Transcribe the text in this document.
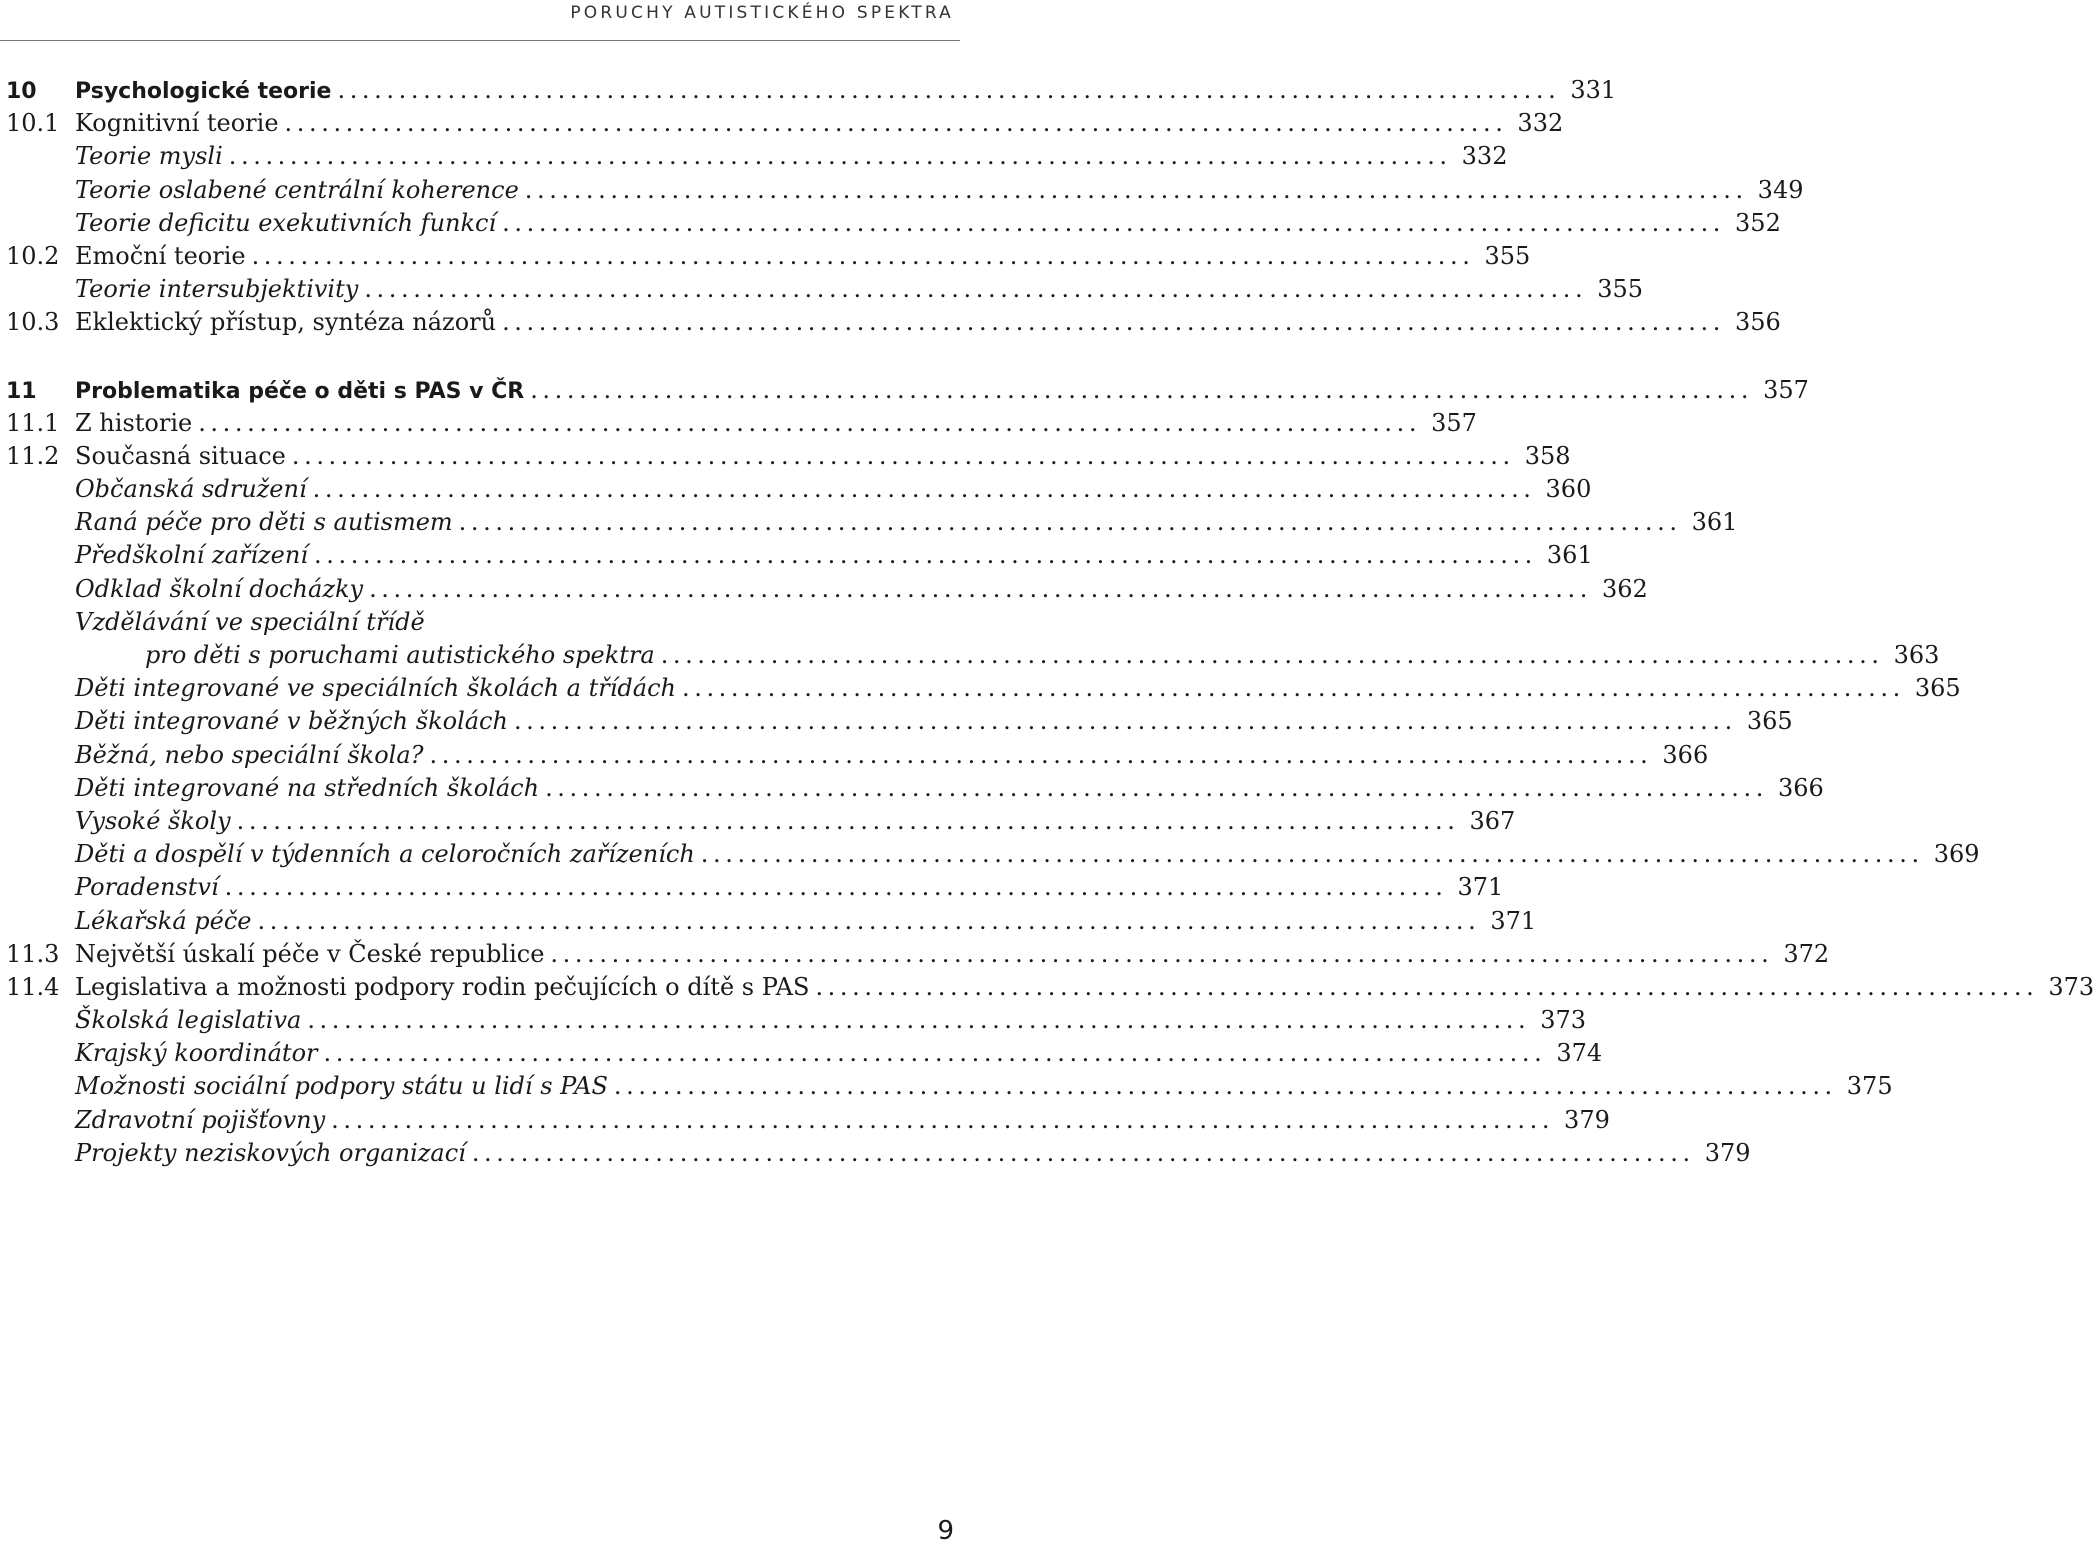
PORUCHY AUTISTICKÉHO SPEKTRA
10	Psychologické teorie .................................................................................................... 331
10.1 Kognitivní teorie .................................................................................................... 332
Teorie mysli .................................................................................................... 332
Teorie oslabené centrální koherence .................................................................................................... 349
Teorie deficitu exekutivních funkcí .................................................................................................... 352
10.2 Emoční teorie .................................................................................................... 355
Teorie intersubjektivity .................................................................................................... 355
10.3 Eklektický přístup, syntéza názorů .................................................................................................... 356
11	Problematika péče o děti s PAS v ČR .................................................................................................... 357
11.1 Z historie .................................................................................................... 357
11.2 Současná situace .................................................................................................... 358
Občanská sdružení .................................................................................................... 360
Raná péče pro děti s autismem .................................................................................................... 361
Předškolní zařízení .................................................................................................... 361
Odklad školní docházky .................................................................................................... 362
Vzdělávání ve speciální třídě
pro děti s poruchami autistického spektra .................................................................................................... 363
Děti integrované ve speciálních školách a třídách .................................................................................................... 365
Děti integrované v běžných školách .................................................................................................... 365
Běžná, nebo speciální škola? .................................................................................................... 366
Děti integrované na středních školách .................................................................................................... 366
Vysoké školy .................................................................................................... 367
Děti a dospělí v týdenních a celoročních zařízeních .................................................................................................... 369
Poradenství .................................................................................................... 371
Lékařská péče .................................................................................................... 371
11.3 Největší úskalí péče v České republice .................................................................................................... 372
11.4 Legislativa a možnosti podpory rodin pečujících o dítě s PAS .................................................................................................... 373
Školská legislativa .................................................................................................... 373
Krajský koordinátor .................................................................................................... 374
Možnosti sociální podpory státu u lidí s PAS .................................................................................................... 375
Zdravotní pojišťovny .................................................................................................... 379
Projekty neziskových organizací .................................................................................................... 379
9
